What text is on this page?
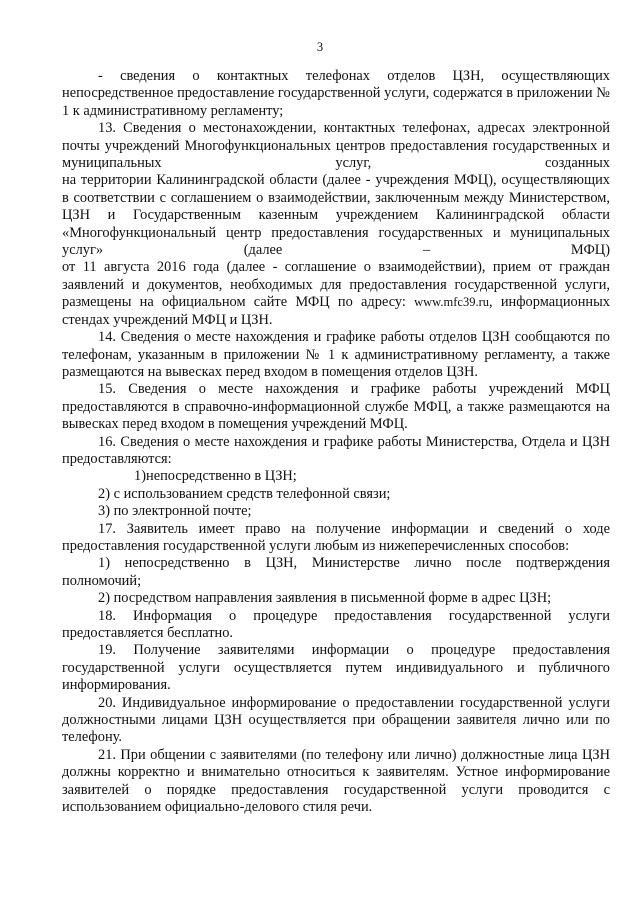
3

- сведения о контактных телефонах отделов ЦЗН, осуществляющих непосредственное предоставление государственной услуги, содержатся в приложении № 1 к административному регламенту;

13. Сведения о местонахождении, контактных телефонах, адресах электронной почты учреждений Многофункциональных центров предоставления государственных и муниципальных услуг, созданных

на территории Калининградской области (далее - учреждения МФЦ), осуществляющих в соответствии с соглашением о взаимодействии, заключенным между Министерством, ЦЗН и Государственным казенным учреждением Калининградской области «Многофункциональный центр предоставления государственных и муниципальных услуг» (далее – МФЦ)

от 11 августа 2016 года (далее - соглашение о взаимодействии), прием от граждан заявлений и документов, необходимых для предоставления государственной услуги, размещены на официальном сайте МФЦ по адресу: www.mfc39.ru, информационных стендах учреждений МФЦ и ЦЗН.

14. Сведения о месте нахождения и графике работы отделов ЦЗН сообщаются по телефонам, указанным в приложении № 1 к административному регламенту, а также размещаются на вывесках перед входом в помещения отделов ЦЗН.

15. Сведения о месте нахождения и графике работы учреждений МФЦ предоставляются в справочно-информационной службе МФЦ, а также размещаются на вывесках перед входом в помещения учреждений МФЦ.

16. Сведения о месте нахождения и графике работы Министерства, Отдела и ЦЗН предоставляются:

1)непосредственно в ЦЗН;

2) с использованием средств телефонной связи;

3) по электронной почте;

17. Заявитель имеет право на получение информации и сведений о ходе предоставления государственной услуги любым из нижеперечисленных способов:

1) непосредственно в ЦЗН, Министерстве лично после подтверждения полномочий;

2) посредством направления заявления в письменной форме в адрес ЦЗН;

18. Информация о процедуре предоставления государственной услуги предоставляется бесплатно.

19. Получение заявителями информации о процедуре предоставления государственной услуги осуществляется путем индивидуального и публичного информирования.

20. Индивидуальное информирование о предоставлении государственной услуги должностными лицами ЦЗН осуществляется при обращении заявителя лично или по телефону.

21. При общении с заявителями (по телефону или лично) должностные лица ЦЗН должны корректно и внимательно относиться к заявителям. Устное информирование заявителей о порядке предоставления государственной услуги проводится с использованием официально-делового стиля речи.
